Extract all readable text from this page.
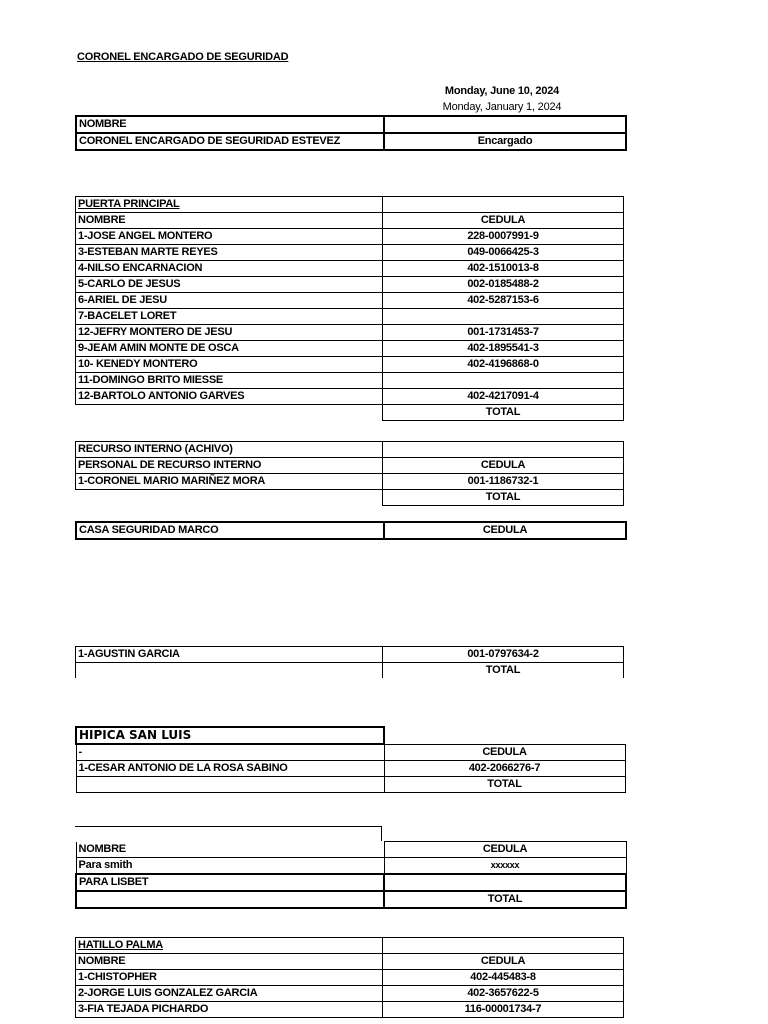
CORONEL ENCARGADO DE SEGURIDAD
Monday, June 10, 2024
Monday, January 1, 2024
NOMBRE	
CORONEL ENCARGADO DE SEGURIDAD ESTEVEZ	Encargado
PUERTA PRINCIPAL	
NOMBRE	CEDULA
1-JOSE ANGEL MONTERO	228-0007991-9
3-ESTEBAN MARTE REYES	049-0066425-3
4-NILSO ENCARNACION	402-1510013-8
5-CARLO DE JESUS	002-0185488-2
6-ARIEL DE JESU	402-5287153-6
7-BACELET LORET	
12-JEFRY MONTERO DE JESU	001-1731453-7
9-JEAM AMIN MONTE DE OSCA	402-1895541-3
10- KENEDY MONTERO	402-4196868-0
11-DOMINGO BRITO MIESSE	
12-BARTOLO ANTONIO GARVES	402-4217091-4
	TOTAL
RECURSO INTERNO (ACHIVO)	
PERSONAL DE RECURSO INTERNO	CEDULA
1-CORONEL MARIO MARIÑEZ MORA	001-1186732-1
	TOTAL
CASA SEGURIDAD MARCO	CEDULA
1-AGUSTIN GARCIA	001-0797634-2
	TOTAL
HIPICA SAN LUIS	
-	CEDULA
1-CESAR ANTONIO DE LA ROSA SABINO	402-2066276-7
	TOTAL
NOMBRE	CEDULA
Para smith	xxxxxx
PARA LISBET	
	TOTAL
HATILLO PALMA	
NOMBRE	CEDULA
1-CHISTOPHER	402-445483-8
2-JORGE LUIS GONZALEZ GARCIA	402-3657622-5
3-FIA TEJADA PICHARDO	116-00001734-7
